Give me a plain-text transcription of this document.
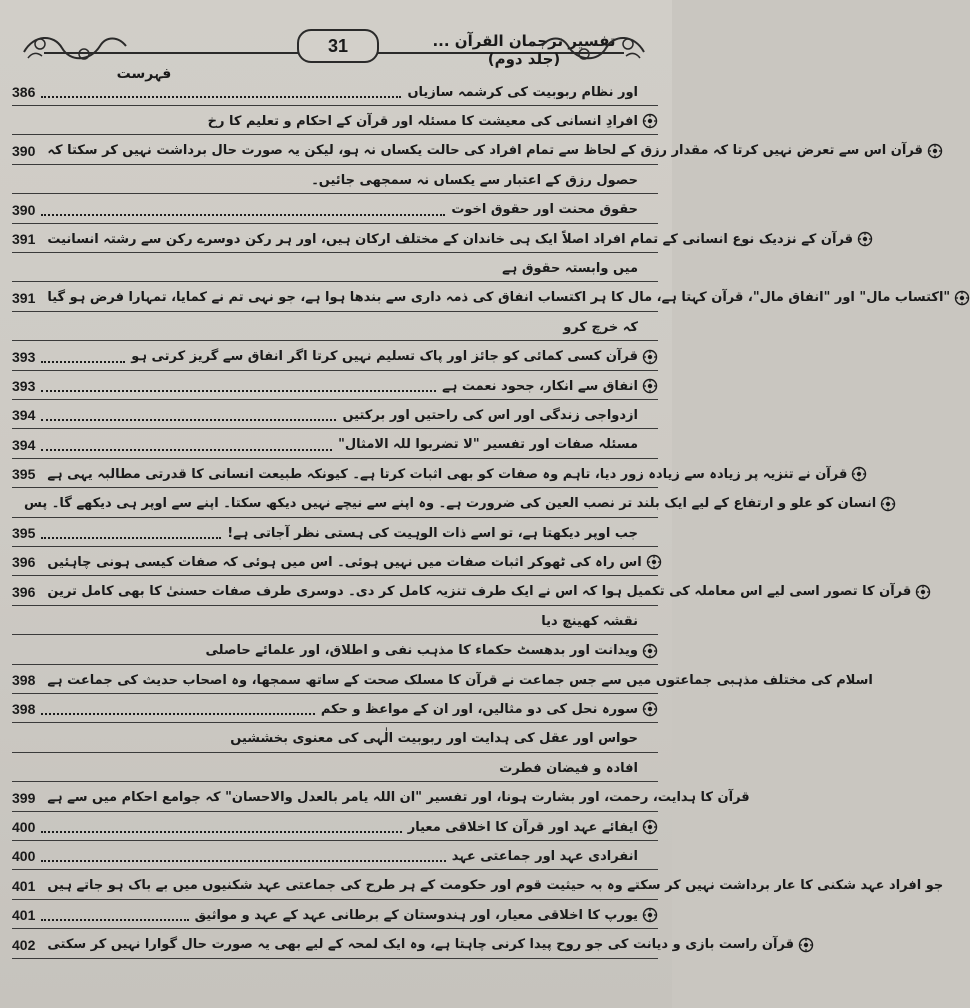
فہرست
31	تفسیر ترجمان القرآن ... (جلد دوم)
386	اور نظام ربوبیت کی کرشمہ سازیاں
افرادِ انسانی کی معیشت کا مسئلہ اور قرآن کے احکام و تعلیم کا رخ
390 قرآن اس سے تعرض نہیں کرتا کہ مقدار رزق کے لحاظ سے تمام افراد کی حالت یکساں نہ ہو، لیکن یہ صورت حال برداشت نہیں کر سکتا کہ
حصول رزق کے اعتبار سے یکساں نہ سمجھی جائیں۔
390	حقوق محنت اور حقوق اخوت
391 قرآن کے نزدیک نوع انسانی کے تمام افراد اصلاً ایک ہی خاندان کے مختلف ارکان ہیں، اور ہر رکن دوسرے رکن سے رشتہ انسانیت
میں وابستہ حقوق ہے
391 "اکتساب مال" اور "انفاق مال"، قرآن کہتا ہے، مال کا ہر اکتساب انفاق کی ذمہ داری سے بندھا ہوا ہے، جو نہی تم نے کمایا، تمہارا فرض ہو گیا
کہ خرچ کرو
393	قرآن کسی کمائی کو جائز اور پاک تسلیم نہیں کرتا اگر انفاق سے گریز کرتی ہو
393	انفاق سے انکار، جحود نعمت ہے
394	ازدواجی زندگی اور اس کی راحتیں اور برکتیں
394	مسئلہ صفات اور تفسیر "لا تضربوا للہ الامثال"
395 قرآن نے تنزیہ پر زیادہ سے زیادہ زور دیا، تاہم وہ صفات کو بھی اثبات کرتا ہے۔ کیونکہ طبیعت انسانی کا قدرتی مطالبہ یہی ہے
انسان کو علو و ارتفاع کے لیے ایک بلند تر نصب العین کی ضرورت ہے۔ وہ اپنے سے نیچے نہیں دیکھ سکتا۔ اپنے سے اوپر ہی دیکھے گا۔ پس
395	جب اوپر دیکھتا ہے، تو اسے ذات الوہیت کی ہستی نظر آجاتی ہے!
396 اس راہ کی ٹھوکر اثبات صفات میں نہیں ہوئی۔ اس میں ہوئی کہ صفات کیسی ہونی چاہئیں
396 قرآن کا تصور اسی لیے اس معاملہ کی تکمیل ہوا کہ اس نے ایک طرف تنزیہ کامل کر دی۔ دوسری طرف صفات حسنیٰ کا بھی کامل ترین
نقشہ کھینچ دیا
ویدانت اور بدھسٹ حکماء کا مذہب نفی و اطلاق، اور علمائے حاصلی
398 اسلام کی مختلف مذہبی جماعتوں میں سے جس جماعت نے قرآن کا مسلک صحت کے ساتھ سمجھا، وہ اصحاب حدیث کی جماعت ہے
398	سورہ نحل کی دو مثالیں، اور ان کے مواعظ و حکم
حواس اور عقل کی ہدایت اور ربوبیت الٰہی کی معنوی بخششیں
افادہ و فیضان فطرت
399 قرآن کا ہدایت، رحمت، اور بشارت ہونا، اور تفسیر "ان اللہ یامر بالعدل والاحسان" کہ جوامع احکام میں سے ہے
400	ایفائے عہد اور قرآن کا اخلاقی معیار
400	انفرادی عہد اور جماعتی عہد
401 جو افراد عہد شکنی کا عار برداشت نہیں کر سکتے وہ بہ حیثیت قوم اور حکومت کے ہر طرح کی جماعتی عہد شکنیوں میں بے باک ہو جاتے ہیں
401	یورپ کا اخلاقی معیار، اور ہندوستان کے برطانی عہد کے عہد و مواثیق
402 قرآن راست بازی و دیانت کی جو روح پیدا کرنی چاہتا ہے، وہ ایک لمحہ کے لیے بھی یہ صورت حال گوارا نہیں کر سکتی
